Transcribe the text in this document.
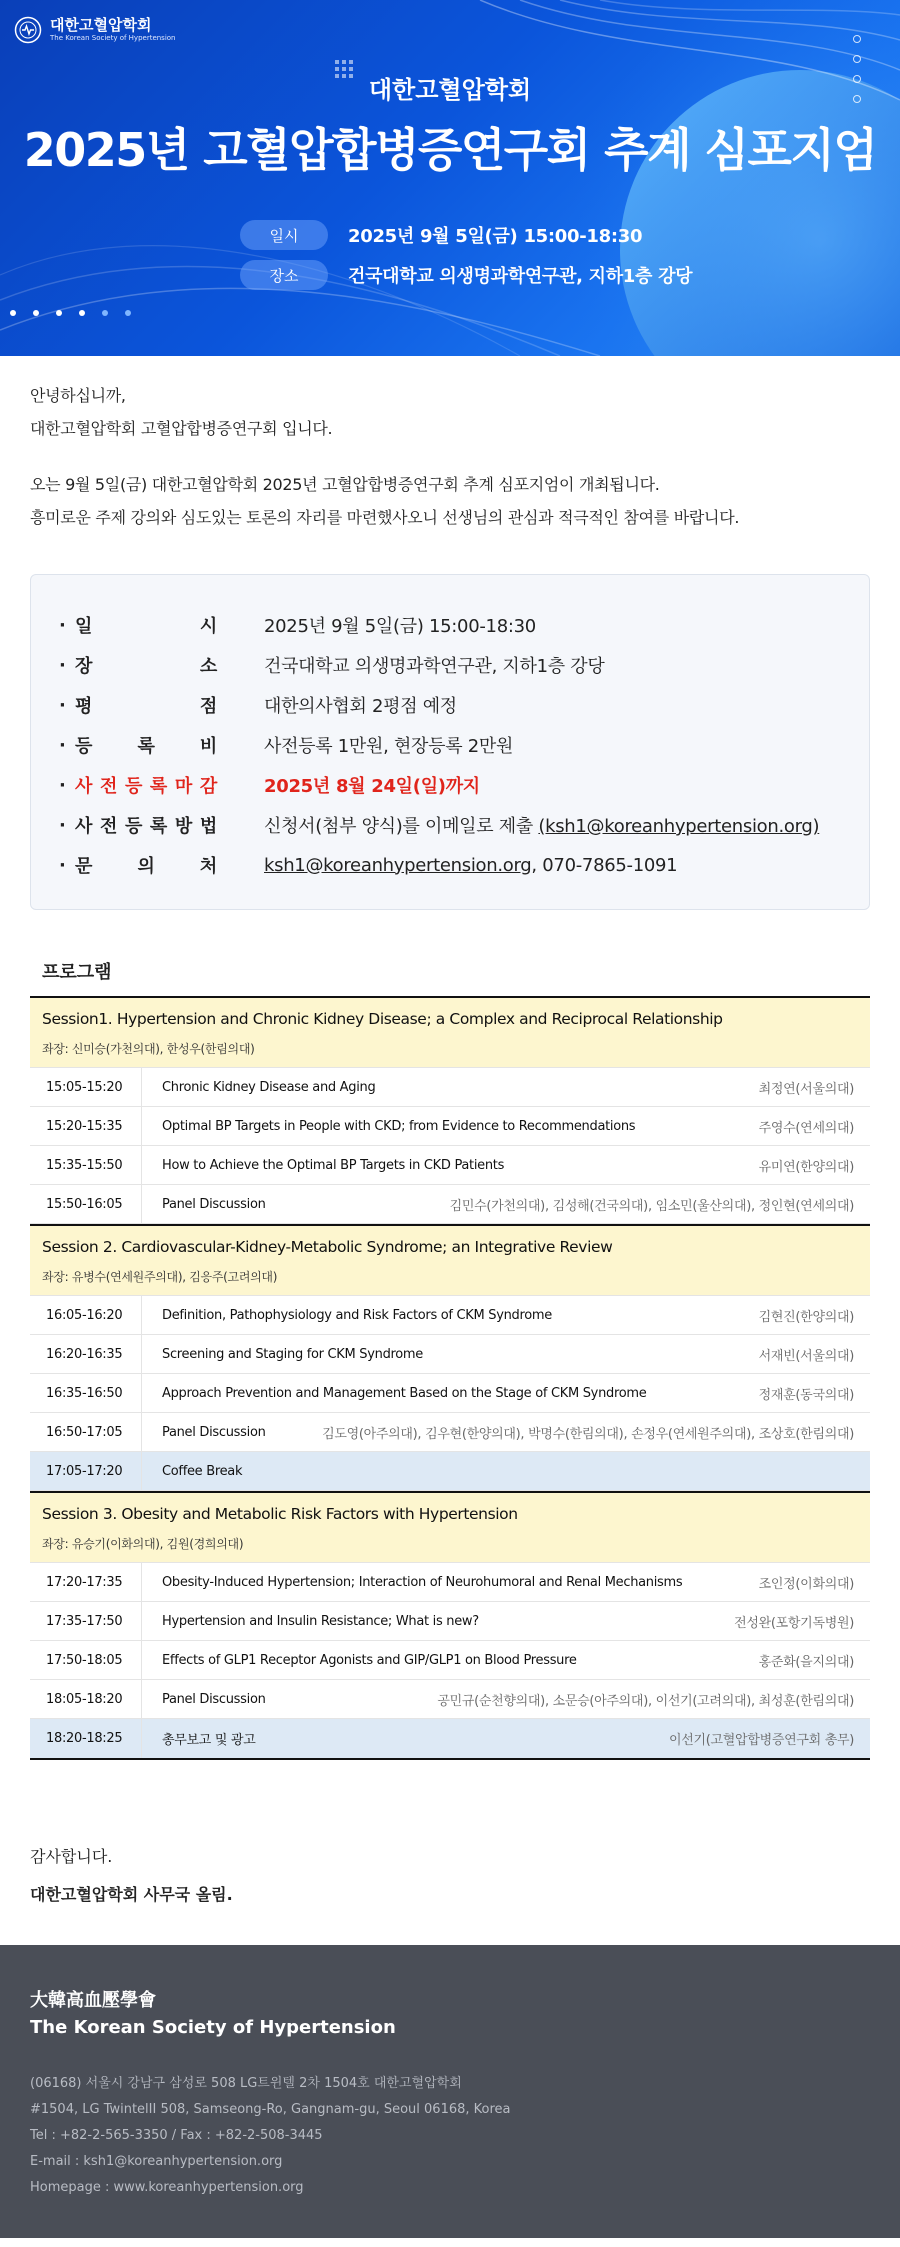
대한고혈압학회
The Korean Society of Hypertension
대한고혈압학회
2025년 고혈압합병증연구회 추계 심포지엄
일시	2025년 9월 5일(금) 15:00-18:30
장소	건국대학교 의생명과학연구관, 지하1층 강당
안녕하십니까,
대한고혈압학회 고혈압합병증연구회 입니다.
오는 9월 5일(금) 대한고혈압학회 2025년 고혈압합병증연구회 추계 심포지엄이 개최됩니다.
흥미로운 주제 강의와 심도있는 토론의 자리를 마련했사오니 선생님의 관심과 적극적인 참여를 바랍니다.
· 일	시	2025년 9월 5일(금) 15:00-18:30
· 장	소	건국대학교 의생명과학연구관, 지하1층 강당
· 평	점	대한의사협회 2평점 예정
· 등	록	비	사전등록 1만원, 현장등록 2만원
· 사 전 등 록 마 감	2025년 8월 24일(일)까지
· 사 전 등 록 방 법	신청서(첨부 양식)를 이메일로 제출 (ksh1@koreanhypertension.org)
· 문	의	처	ksh1@koreanhypertension.org, 070-7865-1091
프로그램
Session1. Hypertension and Chronic Kidney Disease; a Complex and Reciprocal Relationship
좌장: 신미승(가천의대), 한성우(한림의대)
15:05-15:20	Chronic Kidney Disease and Aging	최정연(서울의대)
15:20-15:35	Optimal BP Targets in People with CKD; from Evidence to Recommendations	주영수(연세의대)
15:35-15:50	How to Achieve the Optimal BP Targets in CKD Patients	유미연(한양의대)
15:50-16:05	Panel Discussion	김민수(가천의대), 김성해(건국의대), 임소민(울산의대), 정인현(연세의대)
Session 2. Cardiovascular-Kidney-Metabolic Syndrome; an Integrative Review
좌장: 유병수(연세원주의대), 김응주(고려의대)
16:05-16:20	Definition, Pathophysiology and Risk Factors of CKM Syndrome	김현진(한양의대)
16:20-16:35	Screening and Staging for CKM Syndrome	서재빈(서울의대)
16:35-16:50	Approach Prevention and Management Based on the Stage of CKM Syndrome	정재훈(동국의대)
16:50-17:05	Panel Discussion	김도영(아주의대), 김우현(한양의대), 박명수(한림의대), 손정우(연세원주의대), 조상호(한림의대)
17:05-17:20	Coffee Break
Session 3. Obesity and Metabolic Risk Factors with Hypertension
좌장: 유승기(이화의대), 김원(경희의대)
17:20-17:35	Obesity-Induced Hypertension; Interaction of Neurohumoral and Renal Mechanisms	조인정(이화의대)
17:35-17:50	Hypertension and Insulin Resistance; What is new?	전성완(포항기독병원)
17:50-18:05	Effects of GLP1 Receptor Agonists and GIP/GLP1 on Blood Pressure	홍준화(을지의대)
18:05-18:20	Panel Discussion	공민규(순천향의대), 소문승(아주의대), 이선기(고려의대), 최성훈(한림의대)
18:20-18:25	총무보고 및 광고	이선기(고혈압합병증연구회 총무)
감사합니다.
대한고혈압학회 사무국 올림.
大韓高血壓學會
The Korean Society of Hypertension
(06168) 서울시 강남구 삼성로 508 LG트윈텔 2차 1504호 대한고혈압학회
#1504, LG TwintelII 508, Samseong-Ro, Gangnam-gu, Seoul 06168, Korea
Tel : +82-2-565-3350 / Fax : +82-2-508-3445
E-mail : ksh1@koreanhypertension.org
Homepage : www.koreanhypertension.org
